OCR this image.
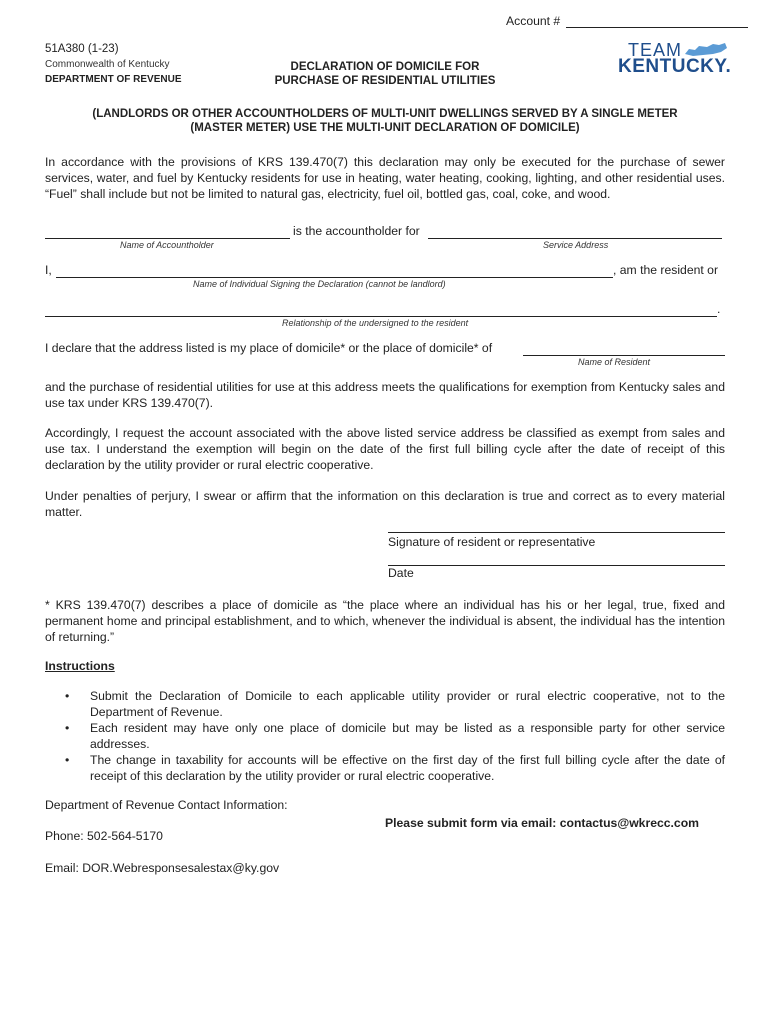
Account #
51A380 (1-23)
Commonwealth of Kentucky
DEPARTMENT OF REVENUE
DECLARATION OF DOMICILE FOR
PURCHASE OF RESIDENTIAL UTILITIES
TEAM
KENTUCKY.
(LANDLORDS OR OTHER ACCOUNTHOLDERS OF MULTI-UNIT DWELLINGS SERVED BY A SINGLE METER
(MASTER METER) USE THE MULTI-UNIT DECLARATION OF DOMICILE)
In accordance with the provisions of KRS 139.470(7) this declaration may only be executed for the purchase of sewer services, water, and fuel by Kentucky residents for use in heating, water heating, cooking, lighting, and other residential uses. “Fuel” shall include but not be limited to natural gas, electricity, fuel oil, bottled gas, coal, coke, and wood.
is the accountholder for
Name of Accountholder	Service Address
I,	, am the resident or
Name of Individual Signing the Declaration (cannot be landlord)
.
Relationship of the undersigned to the resident
I declare that the address listed is my place of domicile* or the place of domicile* of
Name of Resident
and the purchase of residential utilities for use at this address meets the qualifications for exemption from Kentucky sales and use tax under KRS 139.470(7).
Accordingly, I request the account associated with the above listed service address be classified as exempt from sales and use tax. I understand the exemption will begin on the date of the first full billing cycle after the date of receipt of this declaration by the utility provider or rural electric cooperative.
Under penalties of perjury, I swear or affirm that the information on this declaration is true and correct as to every material matter.
Signature of resident or representative
Date
* KRS 139.470(7) describes a place of domicile as “the place where an individual has his or her legal, true, fixed and permanent home and principal establishment, and to which, whenever the individual is absent, the individual has the intention of returning.”
Instructions
• Submit the Declaration of Domicile to each applicable utility provider or rural electric cooperative, not to the Department of Revenue.
• Each resident may have only one place of domicile but may be listed as a responsible party for other service addresses.
• The change in taxability for accounts will be effective on the first day of the first full billing cycle after the date of receipt of this declaration by the utility provider or rural electric cooperative.
Department of Revenue Contact Information:
Please submit form via email: contactus@wkrecc.com
Phone: 502-564-5170
Email: DOR.Webresponsesalestax@ky.gov
